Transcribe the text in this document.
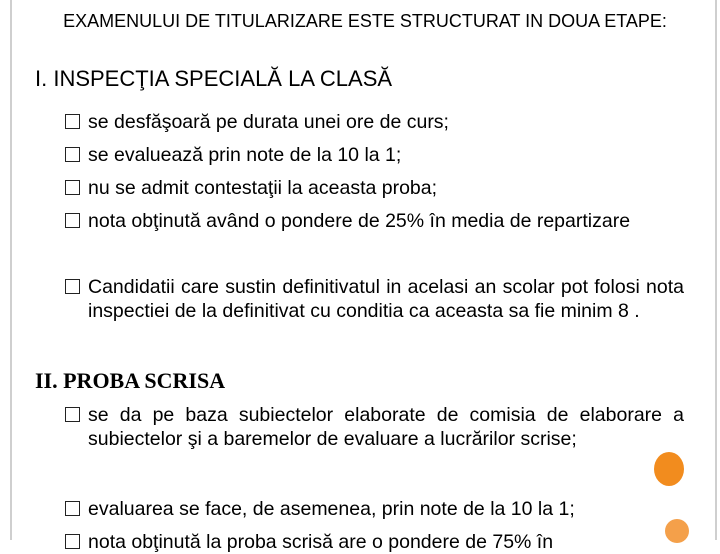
EXAMENULUI DE TITULARIZARE ESTE STRUCTURAT IN DOUA ETAPE:
I. INSPECŢIA SPECIALĂ LA CLASĂ
se desfăşoară pe durata unei ore de curs;
se evaluează prin note de la 10 la 1;
nu se admit contestaţii la aceasta proba;
nota obţinută având o pondere de 25% în media de repartizare
Candidatii care sustin definitivatul in acelasi an scolar pot folosi nota inspectiei de la definitivat cu conditia ca aceasta sa fie minim 8 .
II. PROBA SCRISA
se da pe baza subiectelor elaborate de comisia de elaborare a subiectelor şi a baremelor de evaluare a lucrărilor scrise;
evaluarea se face, de asemenea, prin note de la 10 la 1;
nota obţinută la proba scrisă are o pondere de 75% în
